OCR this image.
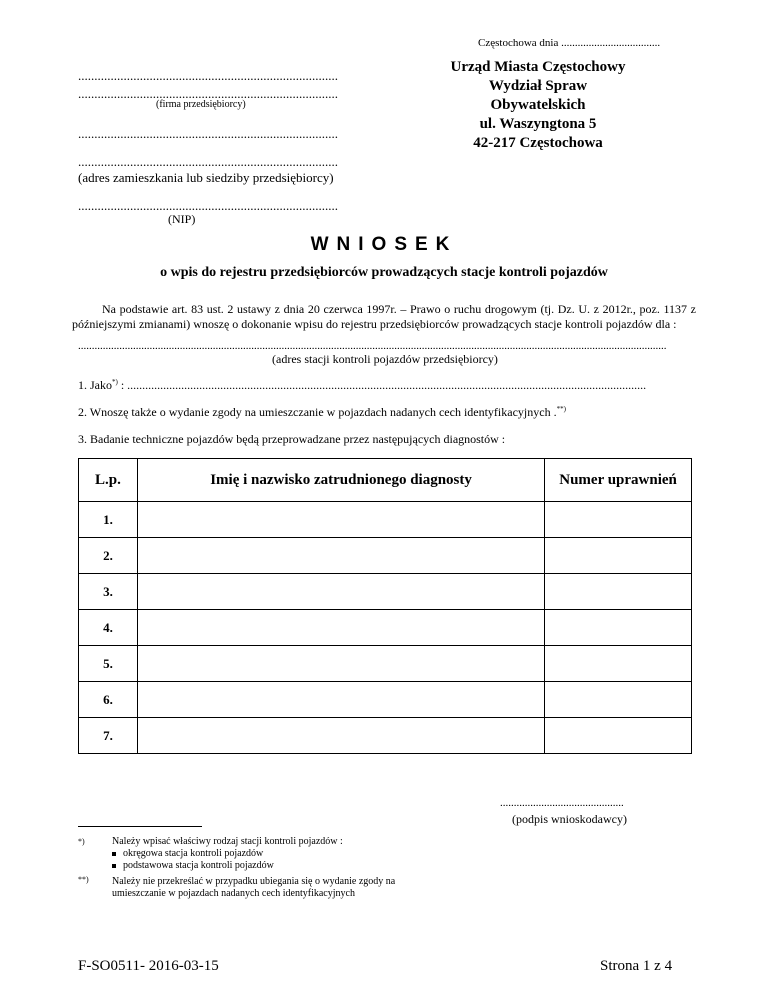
Częstochowa dnia ....................................
................................................................................
................................................................................
(firma przedsiębiorcy)
................................................................................
................................................................................
(adres zamieszkania lub siedziby przedsiębiorcy)
................................................................................
(NIP)
Urząd Miasta Częstochowy
Wydział Spraw
Obywatelskich
ul. Waszyngtona 5
42-217 Częstochowa
WNIOSEK
o wpis do rejestru przedsiębiorców prowadzących stacje kontroli pojazdów
Na podstawie art. 83 ust. 2 ustawy z dnia 20 czerwca 1997r. – Prawo o ruchu drogowym (tj. Dz. U. z 2012r., poz. 1137 z późniejszymi zmianami) wnoszę o dokonanie wpisu do rejestru przedsiębiorców prowadzących stacje kontroli pojazdów dla :
......................................................................................................................................................................................................................
(adres stacji kontroli pojazdów przedsiębiorcy)
1. Jako*) : .............................................................................................................................................................................
2. Wnoszę także o wydanie zgody na umieszczanie w pojazdach nadanych cech identyfikacyjnych .**)
3. Badanie techniczne pojazdów będą przeprowadzane przez następujących diagnostów :
L.p.	Imię i nazwisko zatrudnionego diagnosty	Numer uprawnień
1.		
2.		
3.		
4.		
5.		
6.		
7.		
.............................................
(podpis wnioskodawcy)
*)	Należy wpisać właściwy rodzaj stacji kontroli pojazdów :
okręgowa stacja kontroli pojazdów
podstawowa stacja kontroli pojazdów
**) Należy nie przekreślać w przypadku ubiegania się o wydanie zgody na
umieszczanie w pojazdach nadanych cech identyfikacyjnych
F-SO0511- 2016-03-15	Strona 1 z 4
